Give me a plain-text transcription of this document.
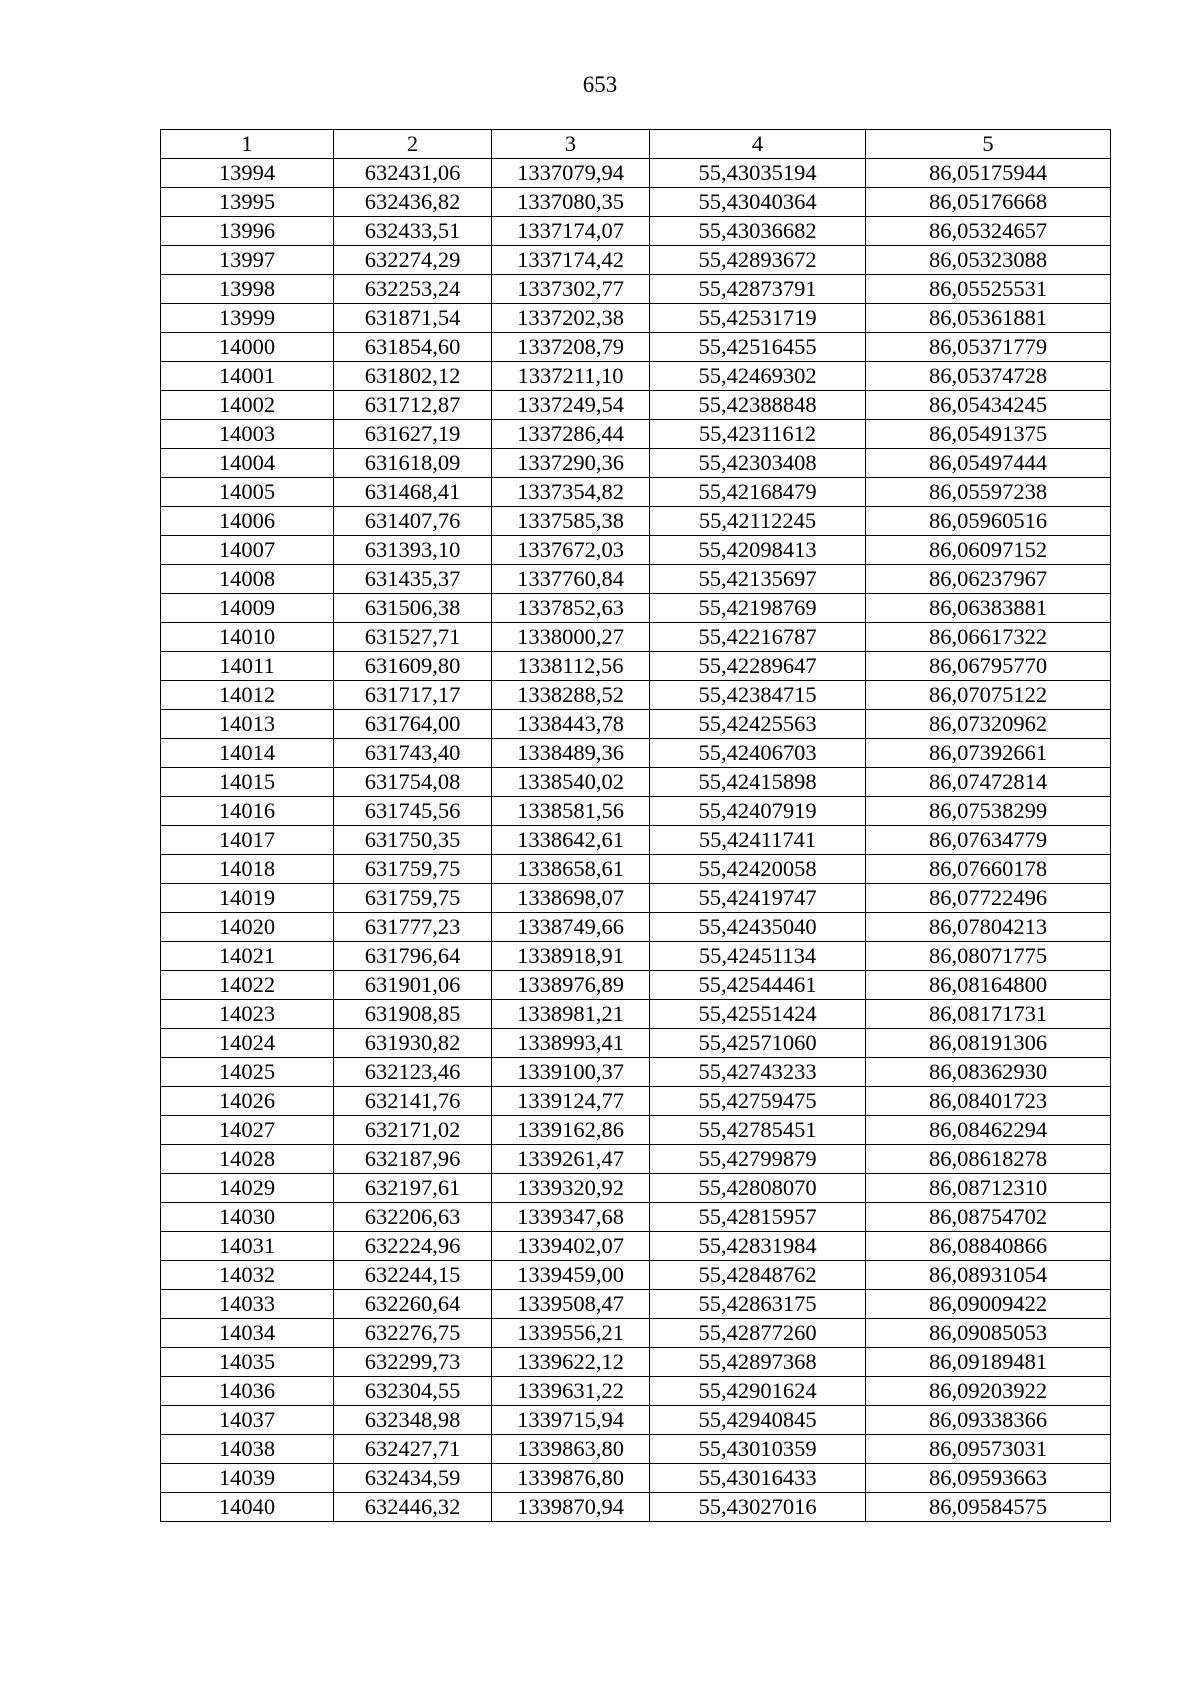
653
1	2	3	4	5
13994	632431,06	1337079,94	55,43035194	86,05175944
13995	632436,82	1337080,35	55,43040364	86,05176668
13996	632433,51	1337174,07	55,43036682	86,05324657
13997	632274,29	1337174,42	55,42893672	86,05323088
13998	632253,24	1337302,77	55,42873791	86,05525531
13999	631871,54	1337202,38	55,42531719	86,05361881
14000	631854,60	1337208,79	55,42516455	86,05371779
14001	631802,12	1337211,10	55,42469302	86,05374728
14002	631712,87	1337249,54	55,42388848	86,05434245
14003	631627,19	1337286,44	55,42311612	86,05491375
14004	631618,09	1337290,36	55,42303408	86,05497444
14005	631468,41	1337354,82	55,42168479	86,05597238
14006	631407,76	1337585,38	55,42112245	86,05960516
14007	631393,10	1337672,03	55,42098413	86,06097152
14008	631435,37	1337760,84	55,42135697	86,06237967
14009	631506,38	1337852,63	55,42198769	86,06383881
14010	631527,71	1338000,27	55,42216787	86,06617322
14011	631609,80	1338112,56	55,42289647	86,06795770
14012	631717,17	1338288,52	55,42384715	86,07075122
14013	631764,00	1338443,78	55,42425563	86,07320962
14014	631743,40	1338489,36	55,42406703	86,07392661
14015	631754,08	1338540,02	55,42415898	86,07472814
14016	631745,56	1338581,56	55,42407919	86,07538299
14017	631750,35	1338642,61	55,42411741	86,07634779
14018	631759,75	1338658,61	55,42420058	86,07660178
14019	631759,75	1338698,07	55,42419747	86,07722496
14020	631777,23	1338749,66	55,42435040	86,07804213
14021	631796,64	1338918,91	55,42451134	86,08071775
14022	631901,06	1338976,89	55,42544461	86,08164800
14023	631908,85	1338981,21	55,42551424	86,08171731
14024	631930,82	1338993,41	55,42571060	86,08191306
14025	632123,46	1339100,37	55,42743233	86,08362930
14026	632141,76	1339124,77	55,42759475	86,08401723
14027	632171,02	1339162,86	55,42785451	86,08462294
14028	632187,96	1339261,47	55,42799879	86,08618278
14029	632197,61	1339320,92	55,42808070	86,08712310
14030	632206,63	1339347,68	55,42815957	86,08754702
14031	632224,96	1339402,07	55,42831984	86,08840866
14032	632244,15	1339459,00	55,42848762	86,08931054
14033	632260,64	1339508,47	55,42863175	86,09009422
14034	632276,75	1339556,21	55,42877260	86,09085053
14035	632299,73	1339622,12	55,42897368	86,09189481
14036	632304,55	1339631,22	55,42901624	86,09203922
14037	632348,98	1339715,94	55,42940845	86,09338366
14038	632427,71	1339863,80	55,43010359	86,09573031
14039	632434,59	1339876,80	55,43016433	86,09593663
14040	632446,32	1339870,94	55,43027016	86,09584575
